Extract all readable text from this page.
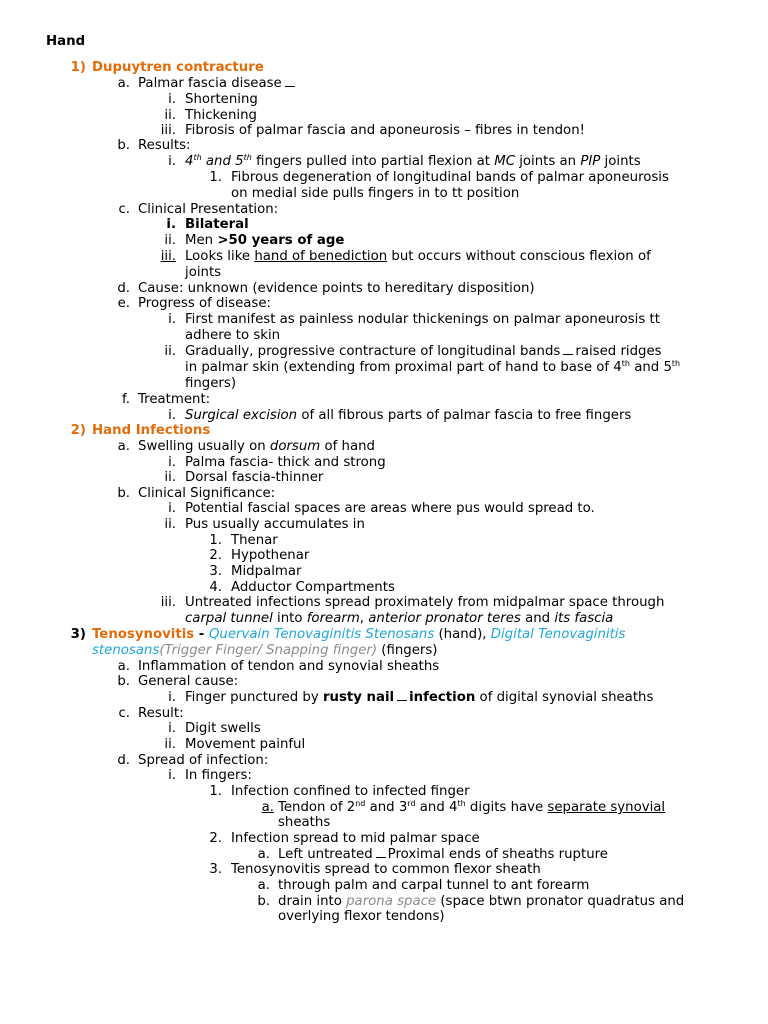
Hand
1) Dupuytren contracture
a. Palmar fascia disease
i. Shortening
ii. Thickening
iii. Fibrosis of palmar fascia and aponeurosis – fibres in tendon!
b. Results:
i. 4th and 5th fingers pulled into partial flexion at MC joints an PIP joints
1. Fibrous degeneration of longitudinal bands of palmar aponeurosis
on medial side pulls fingers in to tt position
c. Clinical Presentation:
i. Bilateral
ii. Men >50 years of age
iii. Looks like hand of benediction but occurs without conscious flexion of
joints
d. Cause: unknown (evidence points to hereditary disposition)
e. Progress of disease:
i. First manifest as painless nodular thickenings on palmar aponeurosis tt
adhere to skin
ii. Gradually, progressive contracture of longitudinal bands raised ridges
in palmar skin (extending from proximal part of hand to base of 4th and 5th
fingers)
f. Treatment:
i. Surgical excision of all fibrous parts of palmar fascia to free fingers
2) Hand Infections
a. Swelling usually on dorsum of hand
i. Palma fascia- thick and strong
ii. Dorsal fascia-thinner
b. Clinical Significance:
i. Potential fascial spaces are areas where pus would spread to.
ii. Pus usually accumulates in
1. Thenar
2. Hypothenar
3. Midpalmar
4. Adductor Compartments
iii. Untreated infections spread proximately from midpalmar space through
carpal tunnel into forearm, anterior pronator teres and its fascia
3) Tenosynovitis - Quervain Tenovaginitis Stenosans (hand), Digital Tenovaginitis
stenosans(Trigger Finger/ Snapping finger) (fingers)
a. Inflammation of tendon and synovial sheaths
b. General cause:
i. Finger punctured by rusty nail infection of digital synovial sheaths
c. Result:
i. Digit swells
ii. Movement painful
d. Spread of infection:
i. In fingers:
1. Infection confined to infected finger
a. Tendon of 2nd and 3rd and 4th digits have separate synovial
sheaths
2. Infection spread to mid palmar space
a. Left untreated Proximal ends of sheaths rupture
3. Tenosynovitis spread to common flexor sheath
a. through palm and carpal tunnel to ant forearm
b. drain into parona space (space btwn pronator quadratus and
overlying flexor tendons)
